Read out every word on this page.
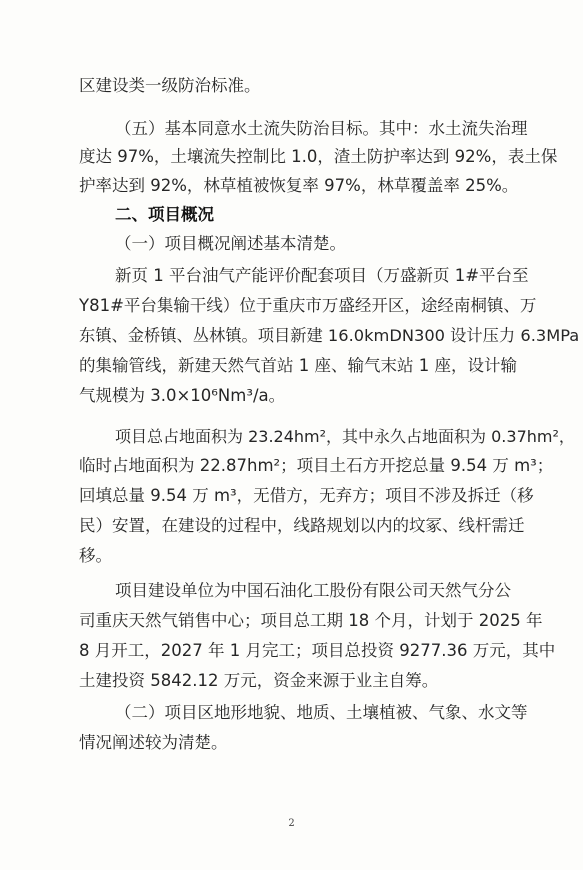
区建设类一级防治标准。
（五）基本同意水土流失防治目标。其中：水土流失治理
度达 97%，土壤流失控制比 1.0，渣土防护率达到 92%，表土保
护率达到 92%，林草植被恢复率 97%，林草覆盖率 25%。
二、项目概况
（一）项目概况阐述基本清楚。
新页 1 平台油气产能评价配套项目（万盛新页 1#平台至
Y81#平台集输干线）位于重庆市万盛经开区，途经南桐镇、万
东镇、金桥镇、丛林镇。项目新建 16.0kmDN300 设计压力 6.3MPa
的集输管线，新建天然气首站 1 座、输气末站 1 座，设计输
气规模为 3.0×10⁶Nm³/a。
项目总占地面积为 23.24hm²，其中永久占地面积为 0.37hm²，
临时占地面积为 22.87hm²；项目土石方开挖总量 9.54 万 m³；
回填总量 9.54 万 m³，无借方，无弃方；项目不涉及拆迁（移
民）安置，在建设的过程中，线路规划以内的坟冢、线杆需迁
移。
项目建设单位为中国石油化工股份有限公司天然气分公
司重庆天然气销售中心；项目总工期 18 个月，计划于 2025 年
8 月开工，2027 年 1 月完工；项目总投资 9277.36 万元，其中
土建投资 5842.12 万元，资金来源于业主自筹。
（二）项目区地形地貌、地质、土壤植被、气象、水文等
情况阐述较为清楚。
2
